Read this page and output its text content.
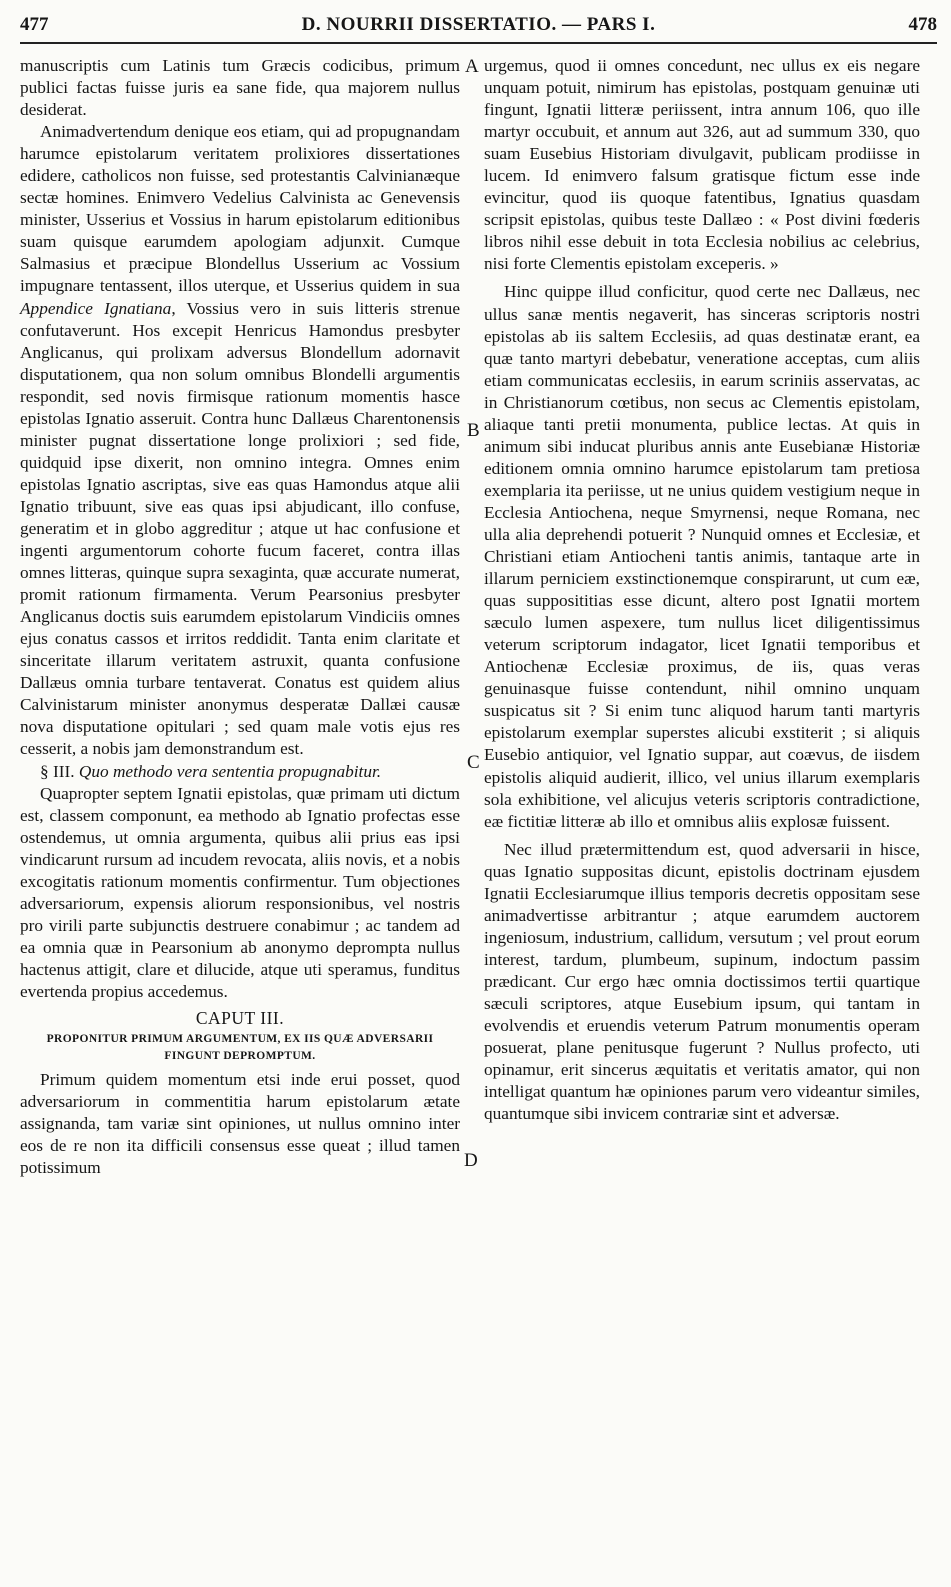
477	D. NOURRII DISSERTATIO. — PARS I.	478
A
B
C
D

manuscriptis cum Latinis tum Græcis codicibus, primum publici factas fuisse juris ea sane fide, qua majorem nullus desiderat.

Animadvertendum denique eos etiam, qui ad propugnandam harumce epistolarum veritatem prolixiores dissertationes edidere, catholicos non fuisse, sed protestantis Calvinianæque sectæ homines. Enimvero Vedelius Calvinista ac Genevensis minister, Usserius et Vossius in harum epistolarum editionibus suam quisque earumdem apologiam adjunxit. Cumque Salmasius et præcipue Blondellus Usserium ac Vossium impugnare tentassent, illos uterque, et Usserius quidem in sua Appendice Ignatiana, Vossius vero in suis litteris strenue confutaverunt. Hos excepit Henricus Hamondus presbyter Anglicanus, qui prolixam adversus Blondellum adornavit disputationem, qua non solum omnibus Blondelli argumentis respondit, sed novis firmisque rationum momentis hasce epistolas Ignatio asseruit. Contra hunc Dallæus Charentonensis minister pugnat dissertatione longe prolixiori ; sed fide, quidquid ipse dixerit, non omnino integra. Omnes enim epistolas Ignatio ascriptas, sive eas quas Hamondus atque alii Ignatio tribuunt, sive eas quas ipsi abjudicant, illo confuse, generatim et in globo aggreditur ; atque ut hac confusione et ingenti argumentorum cohorte fucum faceret, contra illas omnes litteras, quinque supra sexaginta, quæ accurate numerat, promit rationum firmamenta. Verum Pearsonius presbyter Anglicanus doctis suis earumdem epistolarum Vindiciis omnes ejus conatus cassos et irritos reddidit. Tanta enim claritate et sinceritate illarum veritatem astruxit, quanta confusione Dallæus omnia turbare tentaverat. Conatus est quidem alius Calvinistarum minister anonymus desperatæ Dallæi causæ nova disputatione opitulari ; sed quam male votis ejus res cesserit, a nobis jam demonstrandum est.

§ III. Quo methodo vera sententia propugnabitur.

Quapropter septem Ignatii epistolas, quæ primam uti dictum est, classem componunt, ea methodo ab Ignatio profectas esse ostendemus, ut omnia argumenta, quibus alii prius eas ipsi vindicarunt rursum ad incudem revocata, aliis novis, et a nobis excogitatis rationum momentis confirmentur. Tum objectiones adversariorum, expensis aliorum responsionibus, vel nostris pro virili parte subjunctis destruere conabimur ; ac tandem ad ea omnia quæ in Pearsonium ab anonymo deprompta nullus hactenus attigit, clare et dilucide, atque uti speramus, funditus evertenda propius accedemus.

CAPUT III.
PROPONITUR PRIMUM ARGUMENTUM, EX IIS QUÆ ADVERSARII FINGUNT DEPROMPTUM.

Primum quidem momentum etsi inde erui posset, quod adversariorum in commentitia harum epistolarum ætate assignanda, tam variæ sint opiniones, ut nullus omnino inter eos de re non ita difficili consensus esse queat ; illud tamen potissimum

urgemus, quod ii omnes concedunt, nec ullus ex eis negare unquam potuit, nimirum has epistolas, postquam genuinæ uti fingunt, Ignatii litteræ periissent, intra annum 106, quo ille martyr occubuit, et annum aut 326, aut ad summum 330, quo suam Eusebius Historiam divulgavit, publicam prodiisse in lucem. Id enimvero falsum gratisque fictum esse inde evincitur, quod iis quoque fatentibus, Ignatius quasdam scripsit epistolas, quibus teste Dallæo : « Post divini fœderis libros nihil esse debuit in tota Ecclesia nobilius ac celebrius, nisi forte Clementis epistolam exceperis. »

Hinc quippe illud conficitur, quod certe nec Dallæus, nec ullus sanæ mentis negaverit, has sinceras scriptoris nostri epistolas ab iis saltem Ecclesiis, ad quas destinatæ erant, ea quæ tanto martyri debebatur, veneratione acceptas, cum aliis etiam communicatas ecclesiis, in earum scriniis asservatas, ac in Christianorum cœtibus, non secus ac Clementis epistolam, aliaque tanti pretii monumenta, publice lectas. At quis in animum sibi inducat pluribus annis ante Eusebianæ Historiæ editionem omnia omnino harumce epistolarum tam pretiosa exemplaria ita periisse, ut ne unius quidem vestigium neque in Ecclesia Antiochena, neque Smyrnensi, neque Romana, nec ulla alia deprehendi potuerit ? Nunquid omnes et Ecclesiæ, et Christiani etiam Antiocheni tantis animis, tantaque arte in illarum perniciem exstinctionemque conspirarunt, ut cum eæ, quas supposititias esse dicunt, altero post Ignatii mortem sæculo lumen aspexere, tum nullus licet diligentissimus veterum scriptorum indagator, licet Ignatii temporibus et Antiochenæ Ecclesiæ proximus, de iis, quas veras genuinasque fuisse contendunt, nihil omnino unquam suspicatus sit ? Si enim tunc aliquod harum tanti martyris epistolarum exemplar superstes alicubi exstiterit ; si aliquis Eusebio antiquior, vel Ignatio suppar, aut coævus, de iisdem epistolis aliquid audierit, illico, vel unius illarum exemplaris sola exhibitione, vel alicujus veteris scriptoris contradictione, eæ fictitiæ litteræ ab illo et omnibus aliis explosæ fuissent.

Nec illud prætermittendum est, quod adversarii in hisce, quas Ignatio suppositas dicunt, epistolis doctrinam ejusdem Ignatii Ecclesiarumque illius temporis decretis oppositam sese animadvertisse arbitrantur ; atque earumdem auctorem ingeniosum, industrium, callidum, versutum ; vel prout eorum interest, tardum, plumbeum, supinum, indoctum passim prædicant. Cur ergo hæc omnia doctissimos tertii quartique sæculi scriptores, atque Eusebium ipsum, qui tantam in evolvendis et eruendis veterum Patrum monumentis operam posuerat, plane penitusque fugerunt ? Nullus profecto, uti opinamur, erit sincerus æquitatis et veritatis amator, qui non intelligat quantum hæ opiniones parum vero videantur similes, quantumque sibi invicem contrariæ sint et adversæ.
